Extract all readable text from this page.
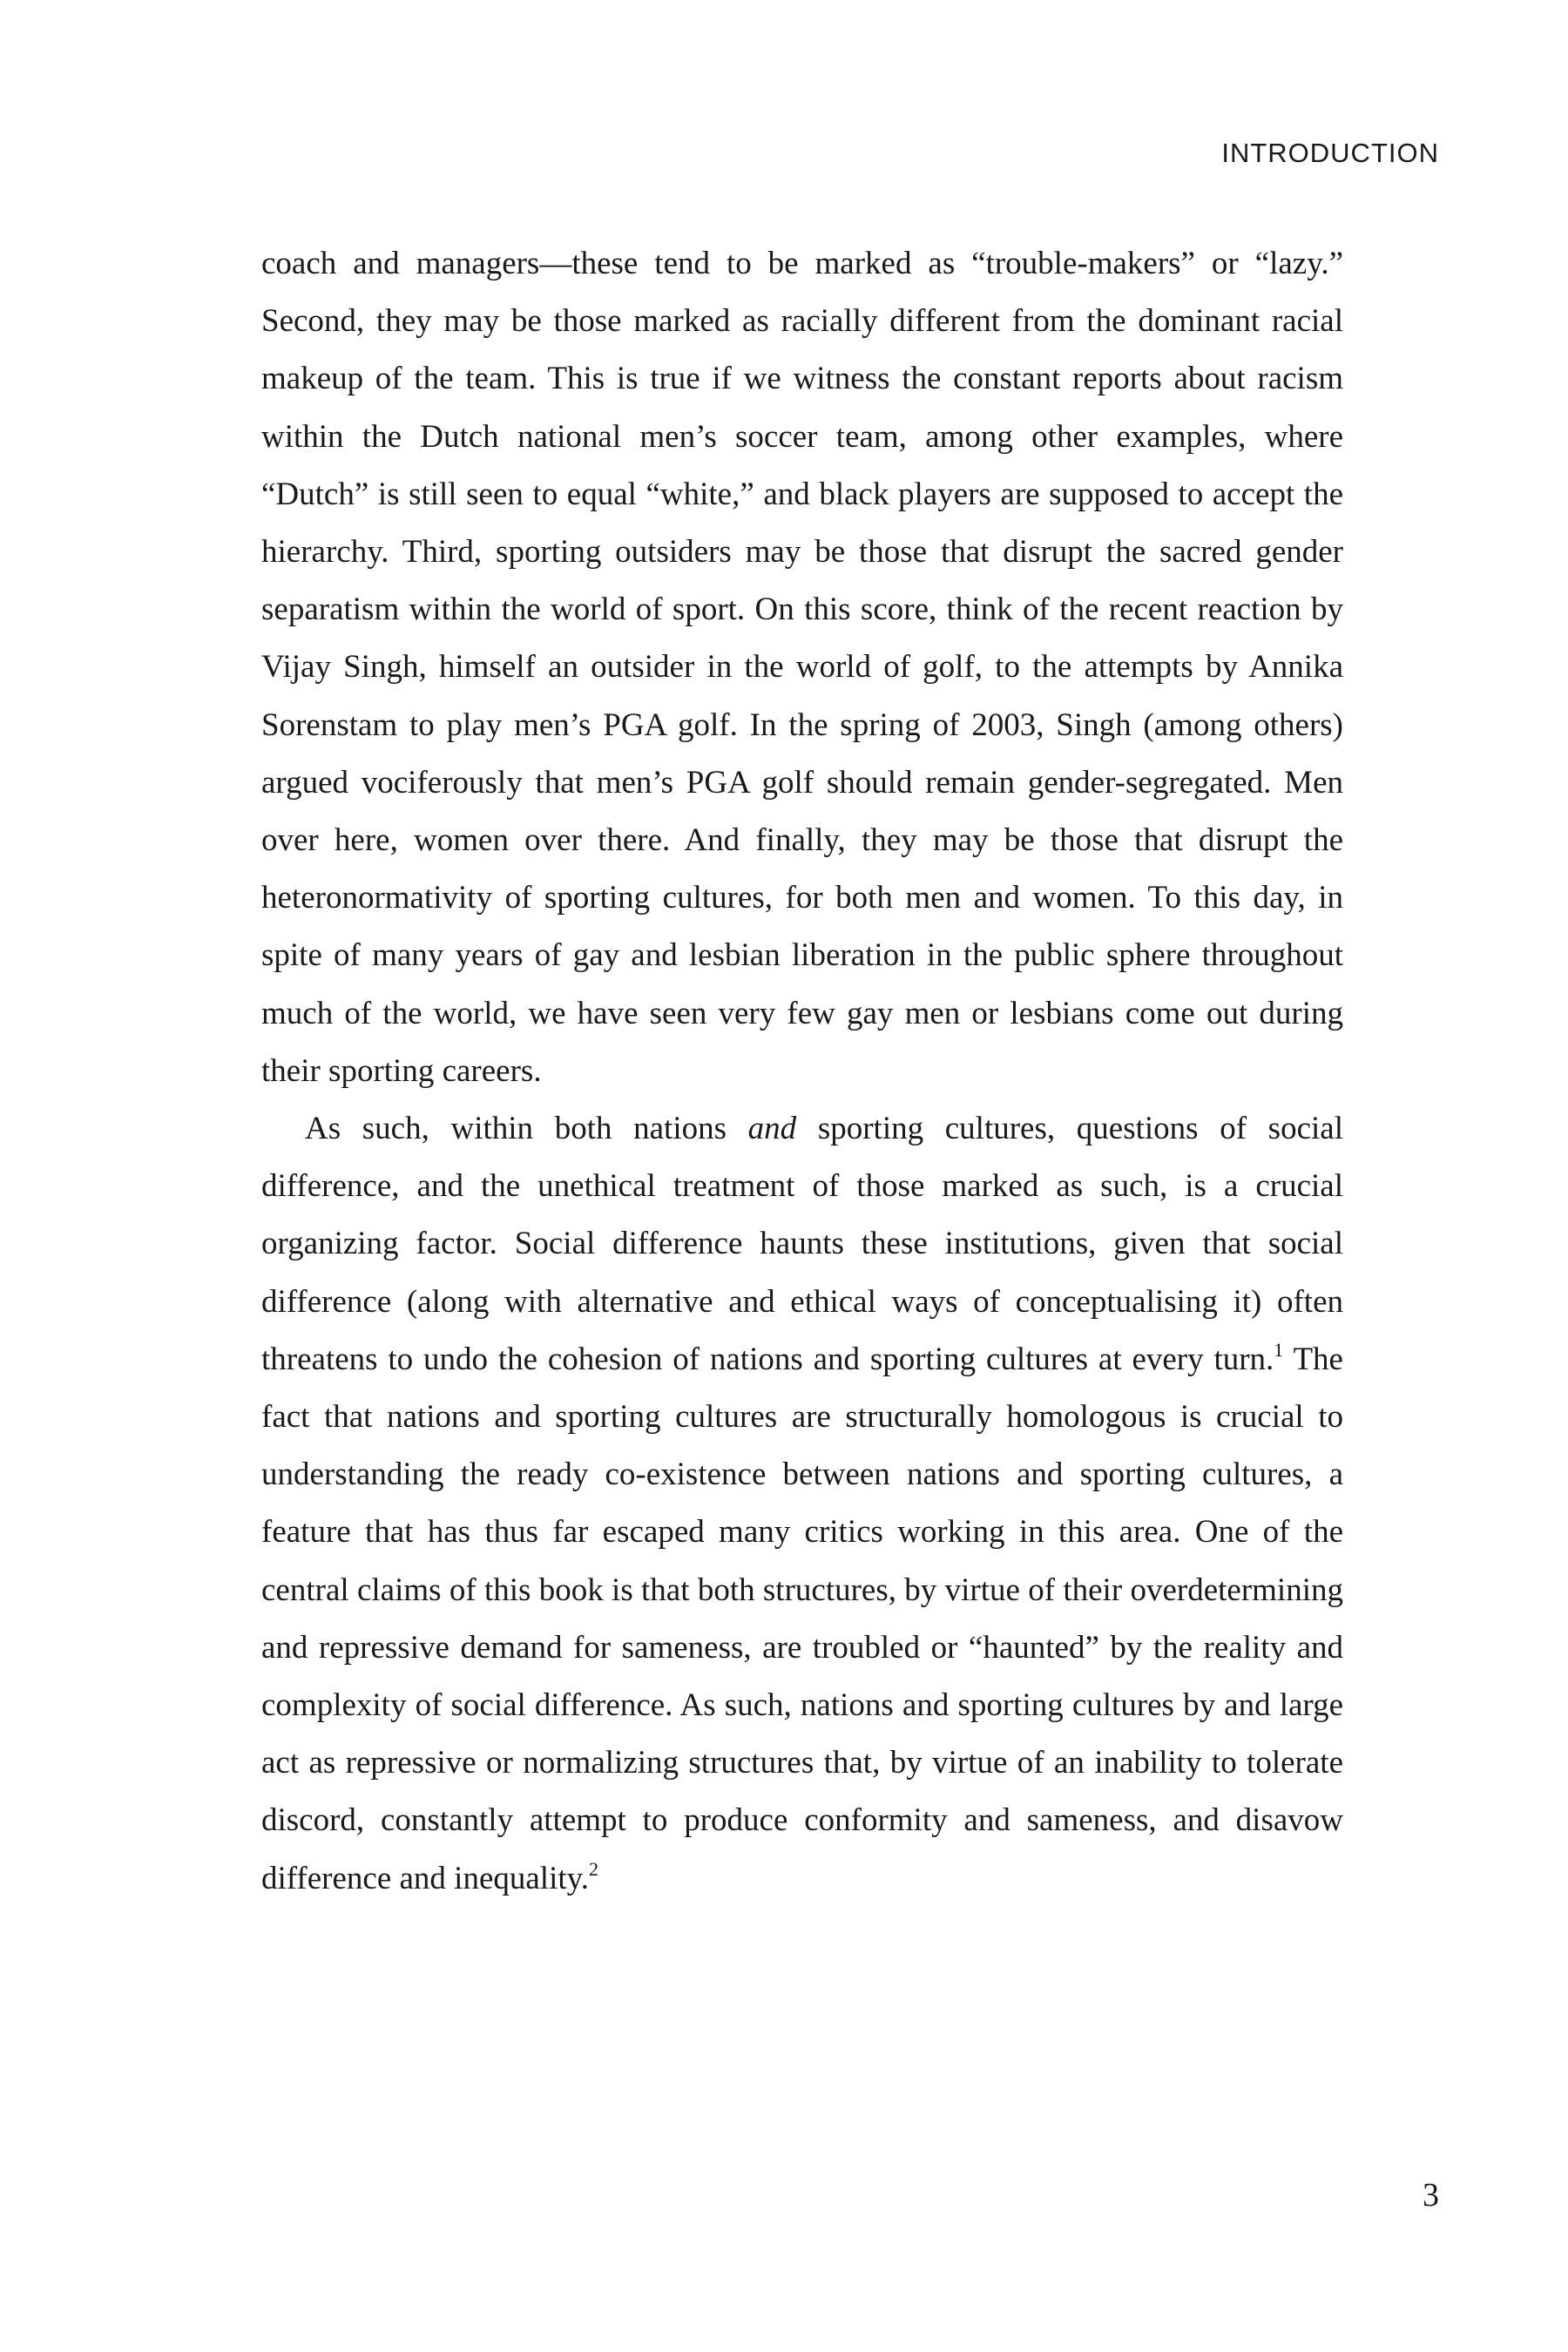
INTRODUCTION

coach and managers—these tend to be marked as “trouble-makers” or “lazy.” Second, they may be those marked as racially different from the dominant racial makeup of the team. This is true if we witness the constant reports about racism within the Dutch national men’s soccer team, among other examples, where “Dutch” is still seen to equal “white,” and black players are supposed to accept the hierarchy. Third, sporting outsiders may be those that disrupt the sacred gender separatism within the world of sport. On this score, think of the recent reaction by Vijay Singh, himself an outsider in the world of golf, to the attempts by Annika Sorenstam to play men’s PGA golf. In the spring of 2003, Singh (among others) argued vociferously that men’s PGA golf should remain gender-segregated. Men over here, women over there. And finally, they may be those that disrupt the heteronormativity of sporting cultures, for both men and women. To this day, in spite of many years of gay and lesbian liberation in the public sphere throughout much of the world, we have seen very few gay men or lesbians come out during their sporting careers.

As such, within both nations and sporting cultures, questions of social difference, and the unethical treatment of those marked as such, is a crucial organizing factor. Social difference haunts these institutions, given that social difference (along with alternative and ethical ways of conceptualising it) often threatens to undo the cohesion of nations and sporting cultures at every turn.$^1$ The fact that nations and sporting cultures are structurally homologous is crucial to understanding the ready co-existence between nations and sporting cultures, a feature that has thus far escaped many critics working in this area. One of the central claims of this book is that both structures, by virtue of their overdetermining and repressive demand for sameness, are troubled or “haunted” by the reality and complexity of social difference. As such, nations and sporting cultures by and large act as repressive or normalizing structures that, by virtue of an inability to tolerate discord, constantly attempt to produce conformity and sameness, and disavow difference and inequality.$^2$

3
